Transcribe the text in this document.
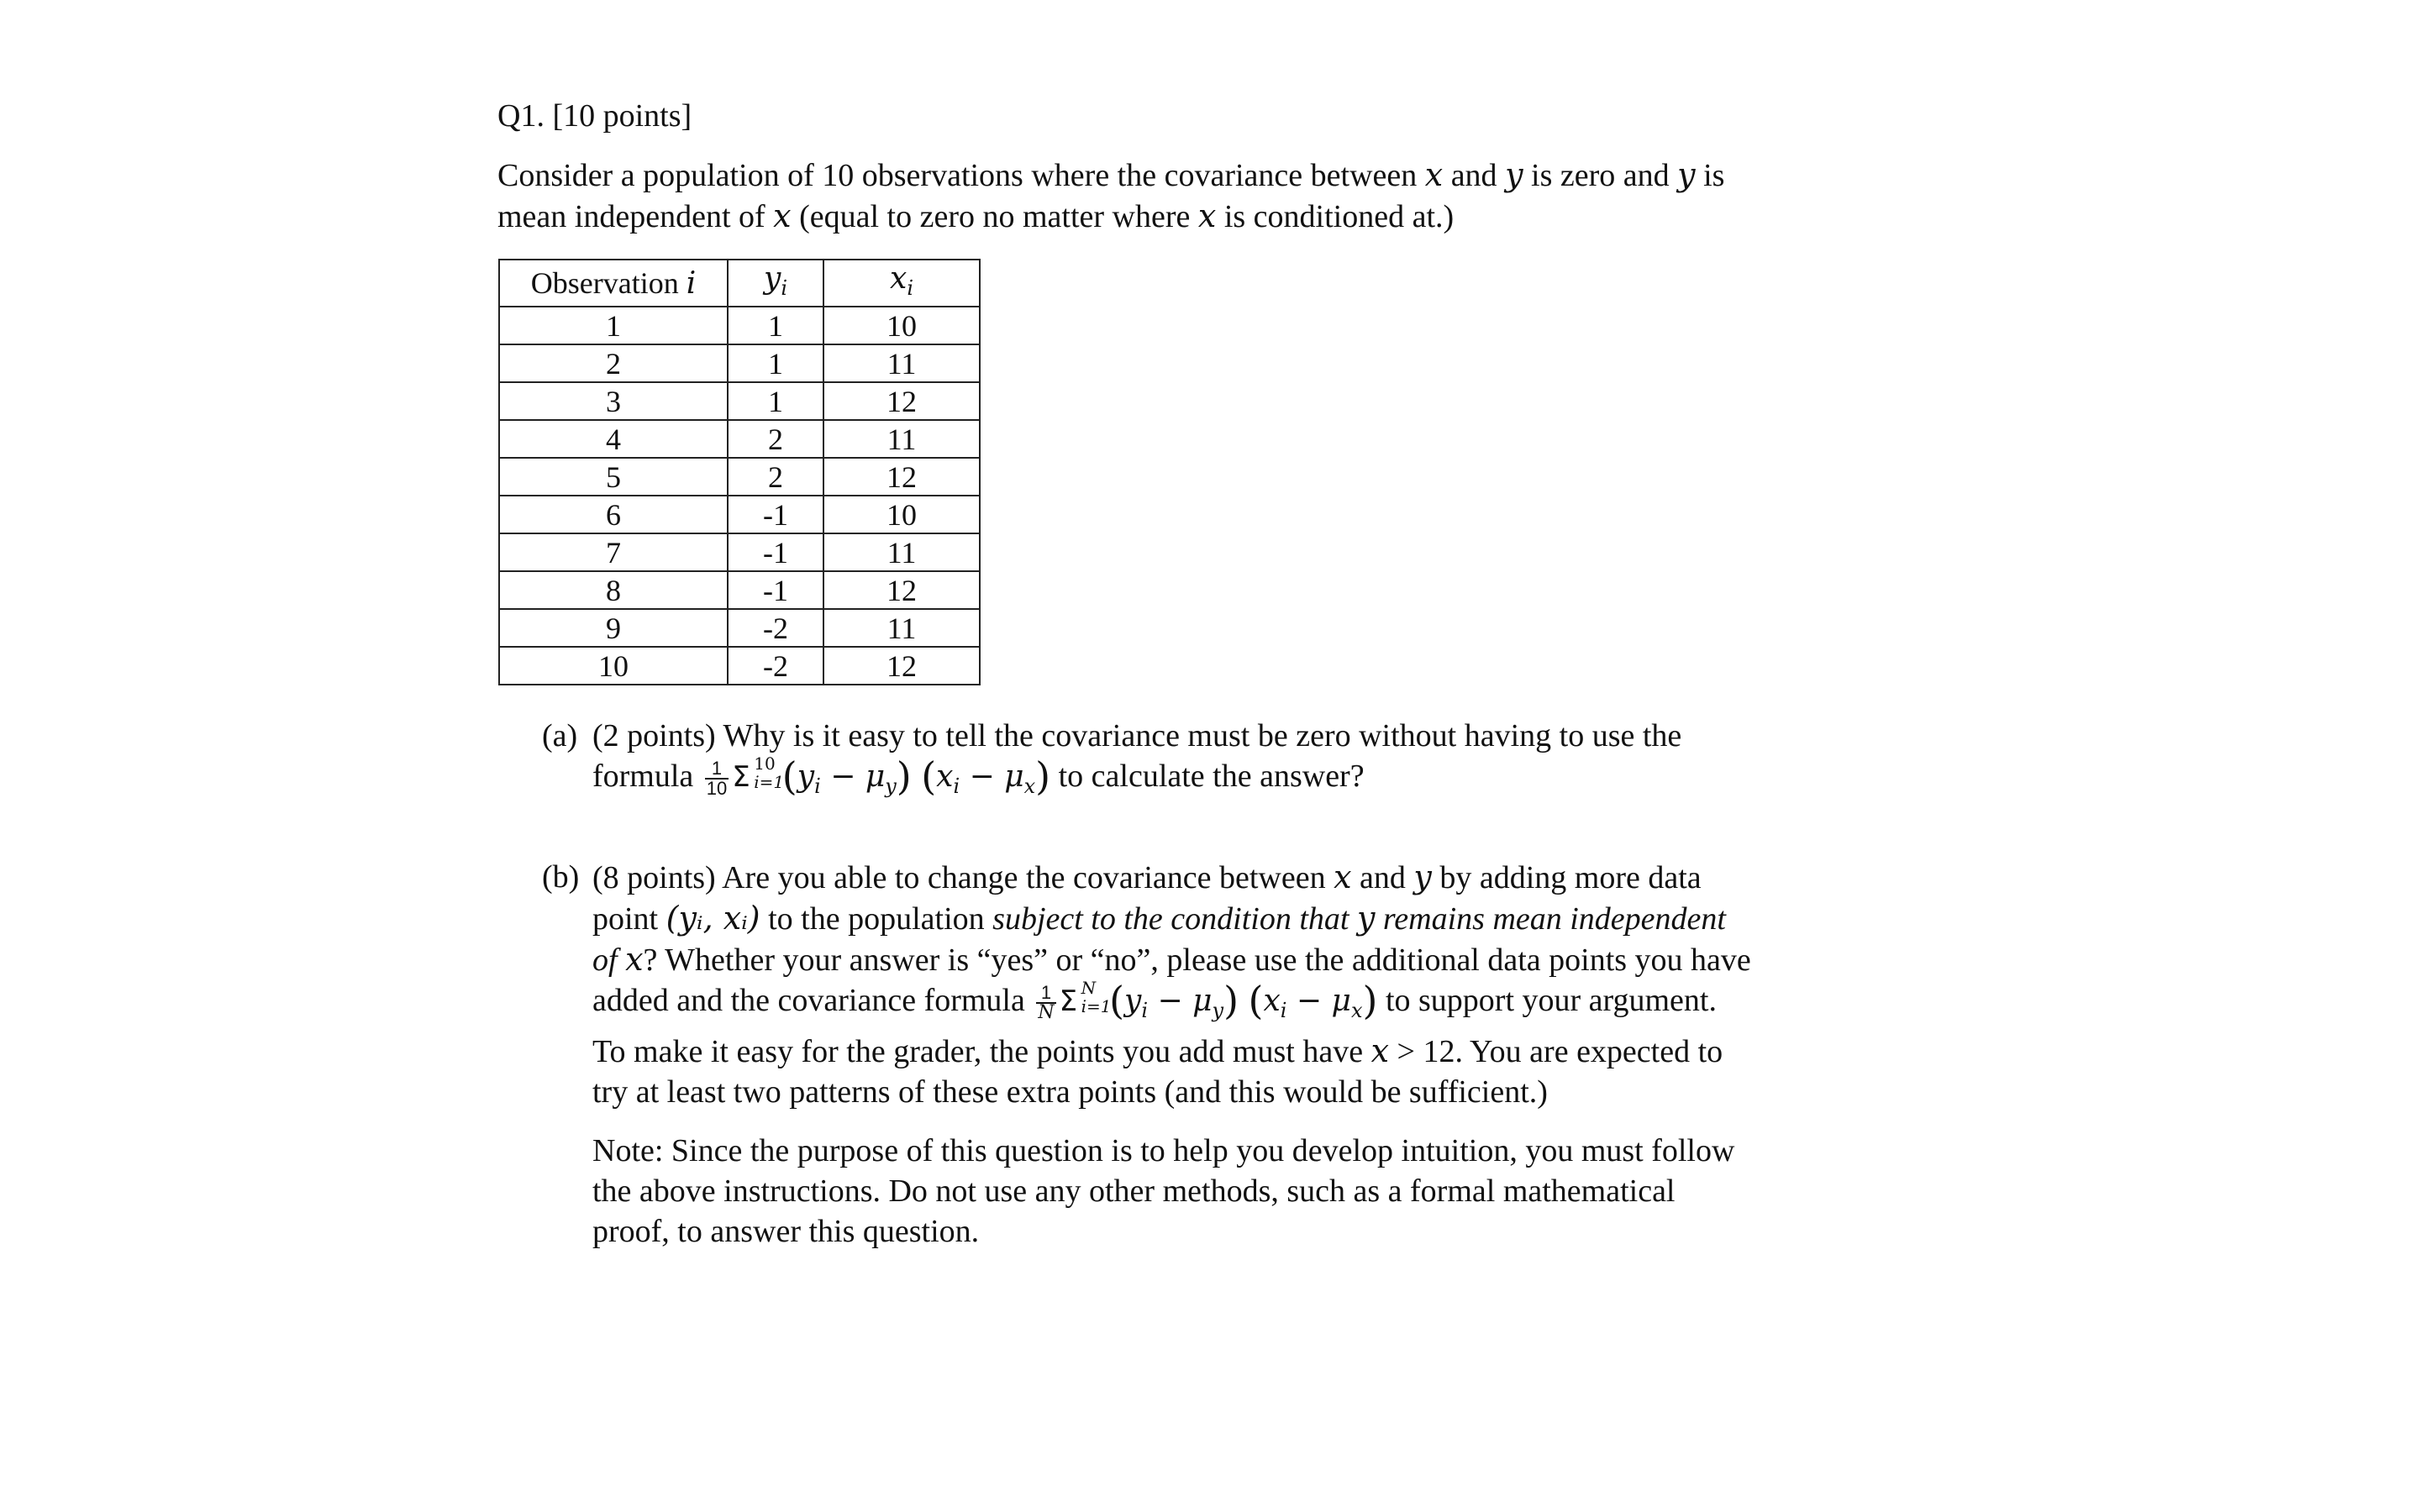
Q1. [10 points]

Consider a population of 10 observations where the covariance between x and y is zero and y is mean independent of x (equal to zero no matter where x is conditioned at.)

Observation i	$y_i$	$x_i$
1	1	10
2	1	11
3	1	12
4	2	11
5	2	12
6	-1	10
7	-1	11
8	-1	12
9	-2	11
10	-2	12

(a) (2 points) Why is it easy to tell the covariance must be zero without having to use the formula $\frac{1}{10}$ Σ 10
i=1
$(y_i - \mu_y) (x_i - \mu_x)$ to calculate the answer?

(b) (8 points) Are you able to change the covariance between x and y by adding more data point (yᵢ, xᵢ) to the population subject to the condition that y remains mean independent of x? Whether your answer is “yes” or “no”, please use the additional data points you have added and the covariance formula $\frac{1}{N}$ Σ N
i=1
$(y_i - \mu_y) (x_i - \mu_x)$ to support your argument. To make it easy for the grader, the points you add must have x > 12. You are expected to try at least two patterns of these extra points (and this would be sufficient.)

Note: Since the purpose of this question is to help you develop intuition, you must follow the above instructions. Do not use any other methods, such as a formal mathematical proof, to answer this question.
